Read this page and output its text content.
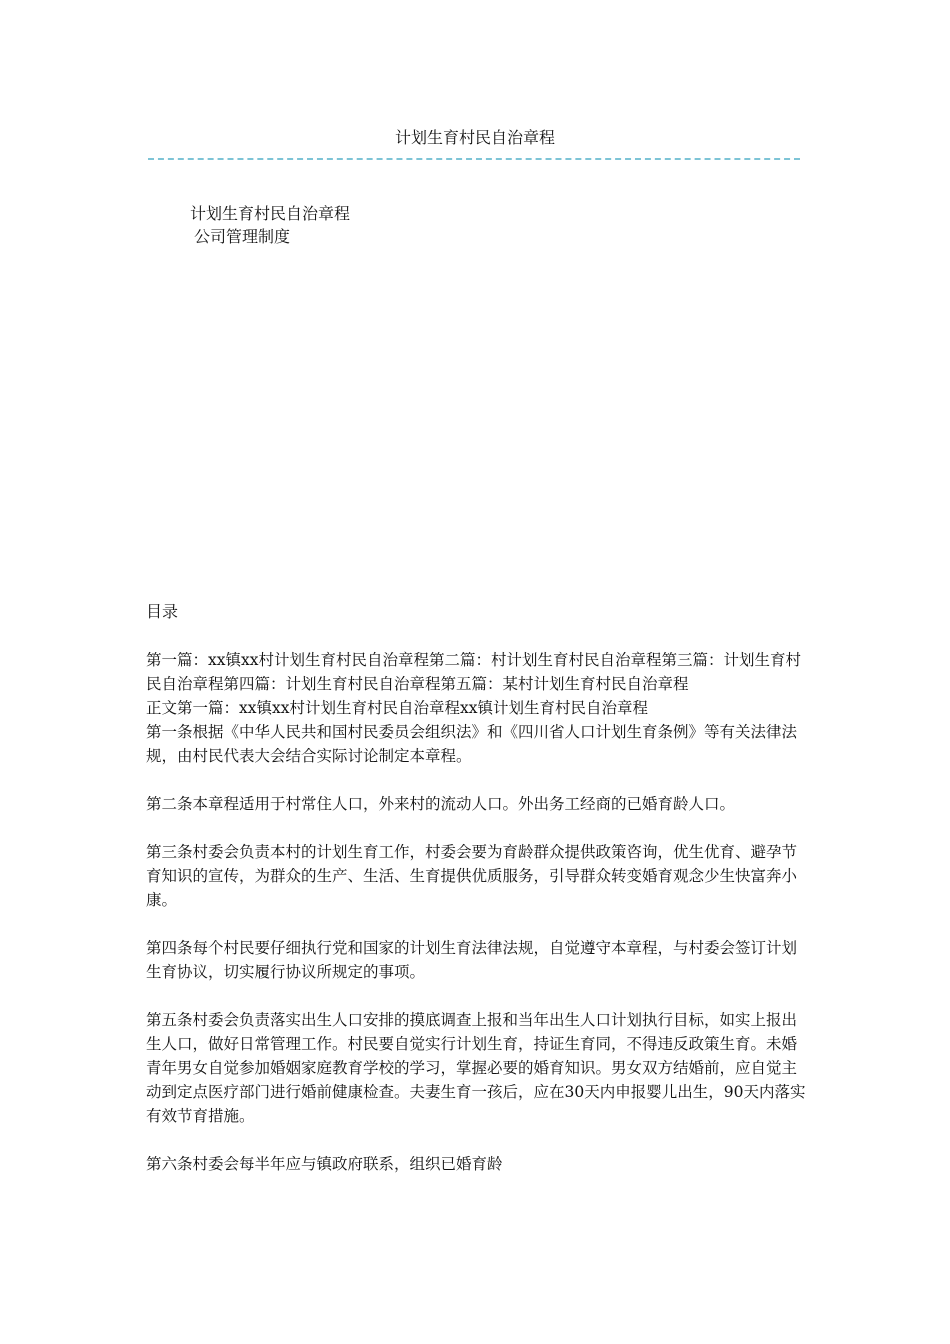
计划生育村民自治章程
计划生育村民自治章程
公司管理制度
目录

第一篇：xx镇xx村计划生育村民自治章程第二篇：村计划生育村民自治章程第三篇：计划生育村民自治章程第四篇：计划生育村民自治章程第五篇：某村计划生育村民自治章程

正文第一篇：xx镇xx村计划生育村民自治章程xx镇计划生育村民自治章程

第一条根据《中华人民共和国村民委员会组织法》和《四川省人口计划生育条例》等有关法律法规，由村民代表大会结合实际讨论制定本章程。

第二条本章程适用于村常住人口，外来村的流动人口。外出务工经商的已婚育龄人口。

第三条村委会负责本村的计划生育工作，村委会要为育龄群众提供政策咨询，优生优育、避孕节育知识的宣传，为群众的生产、生活、生育提供优质服务，引导群众转变婚育观念少生快富奔小康。

第四条每个村民要仔细执行党和国家的计划生育法律法规，自觉遵守本章程，与村委会签订计划生育协议，切实履行协议所规定的事项。

第五条村委会负责落实出生人口安排的摸底调查上报和当年出生人口计划执行目标，如实上报出生人口，做好日常管理工作。村民要自觉实行计划生育，持证生育同，不得违反政策生育。未婚青年男女自觉参加婚姻家庭教育学校的学习，掌握必要的婚育知识。男女双方结婚前，应自觉主动到定点医疗部门进行婚前健康检查。夫妻生育一孩后，应在30天内申报婴儿出生，90天内落实有效节育措施。

第六条村委会每半年应与镇政府联系，组织已婚育龄
